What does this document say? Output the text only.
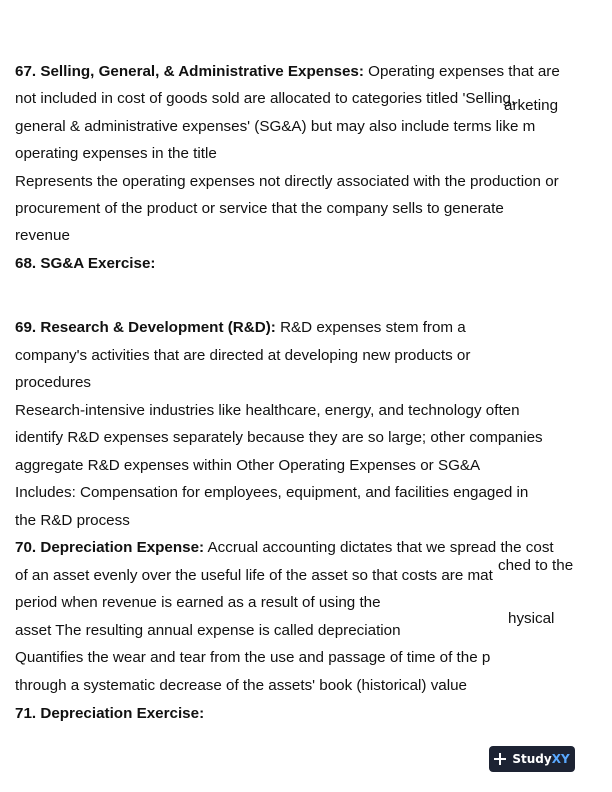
67. Selling, General, & Administrative Expenses: Operating expenses that are
not included in cost of goods sold are allocated to categories titled 'Selling,
arketing
general & administrative expenses' (SG&A) but may also include terms like m
operating expenses in the title
Represents the operating expenses not directly associated with the production or
procurement of the product or service that the company sells to generate
revenue
68. SG&A Exercise:
69. Research & Development (R&D): R&D expenses stem from a
company's activities that are directed at developing new products or
procedures
Research-intensive industries like healthcare, energy, and technology often
identify R&D expenses separately because they are so large; other companies
aggregate R&D expenses within Other Operating Expenses or SG&A
Includes: Compensation for employees, equipment, and facilities engaged in
the R&D process
70. Depreciation Expense: Accrual accounting dictates that we spread the cost
ched to the
of an asset evenly over the useful life of the asset so that costs are mat
period when revenue is earned as a result of using the
hysical
asset The resulting annual expense is called depreciation
Quantifies the wear and tear from the use and passage of time of the p
through a systematic decrease of the assets' book (historical) value
71. Depreciation Exercise:
StudyXY
